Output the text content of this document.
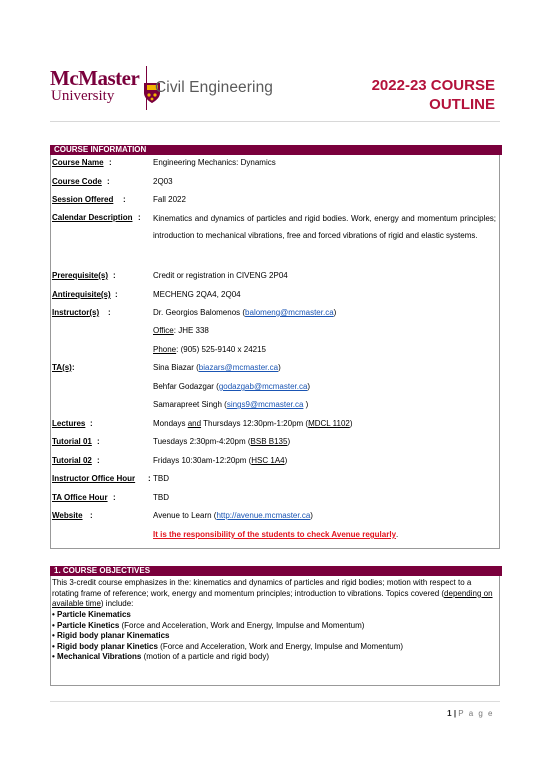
McMaster
University	Civil Engineering	2022-23 COURSE
OUTLINE
COURSE INFORMATION
Course Name :	Engineering Mechanics: Dynamics
Course Code :	2Q03
Session Offered :	Fall 2022
Calendar Description : Kinematics and dynamics of particles and rigid bodies. Work, energy and momentum principles; introduction to mechanical vibrations, free and forced vibrations of rigid and elastic systems.
Prerequisite(s) :	Credit or registration in CIVENG 2P04
Antirequisite(s) :	MECHENG 2QA4, 2Q04
Instructor(s) :	Dr. Georgios Balomenos (balomeng@mcmaster.ca)
Office: JHE 338
Phone: (905) 525-9140 x 24215
TA(s) :	Sina Biazar (biazars@mcmaster.ca)
Behfar Godazgar (godazgab@mcmaster.ca)
Samarapreet Singh (sings9@mcmaster.ca )
Lectures :	Mondays and Thursdays 12:30pm-1:20pm (MDCL 1102)
Tutorial 01 :	Tuesdays 2:30pm-4:20pm (BSB B135)
Tutorial 02 :	Fridays 10:30am-12:20pm (HSC 1A4)
Instructor Office Hour : TBD
TA Office Hour :	TBD
Website :	Avenue to Learn (http://avenue.mcmaster.ca)
It is the responsibility of the students to check Avenue regularly.
1. COURSE OBJECTIVES
This 3-credit course emphasizes in the: kinematics and dynamics of particles and rigid bodies; motion with respect to a rotating frame of reference; work, energy and momentum principles; introduction to vibrations. Topics covered (depending on available time) include:
• Particle Kinematics
• Particle Kinetics (Force and Acceleration, Work and Energy, Impulse and Momentum)
• Rigid body planar Kinematics
• Rigid body planar Kinetics (Force and Acceleration, Work and Energy, Impulse and Momentum)
• Mechanical Vibrations (motion of a particle and rigid body)
1 | P a g e
